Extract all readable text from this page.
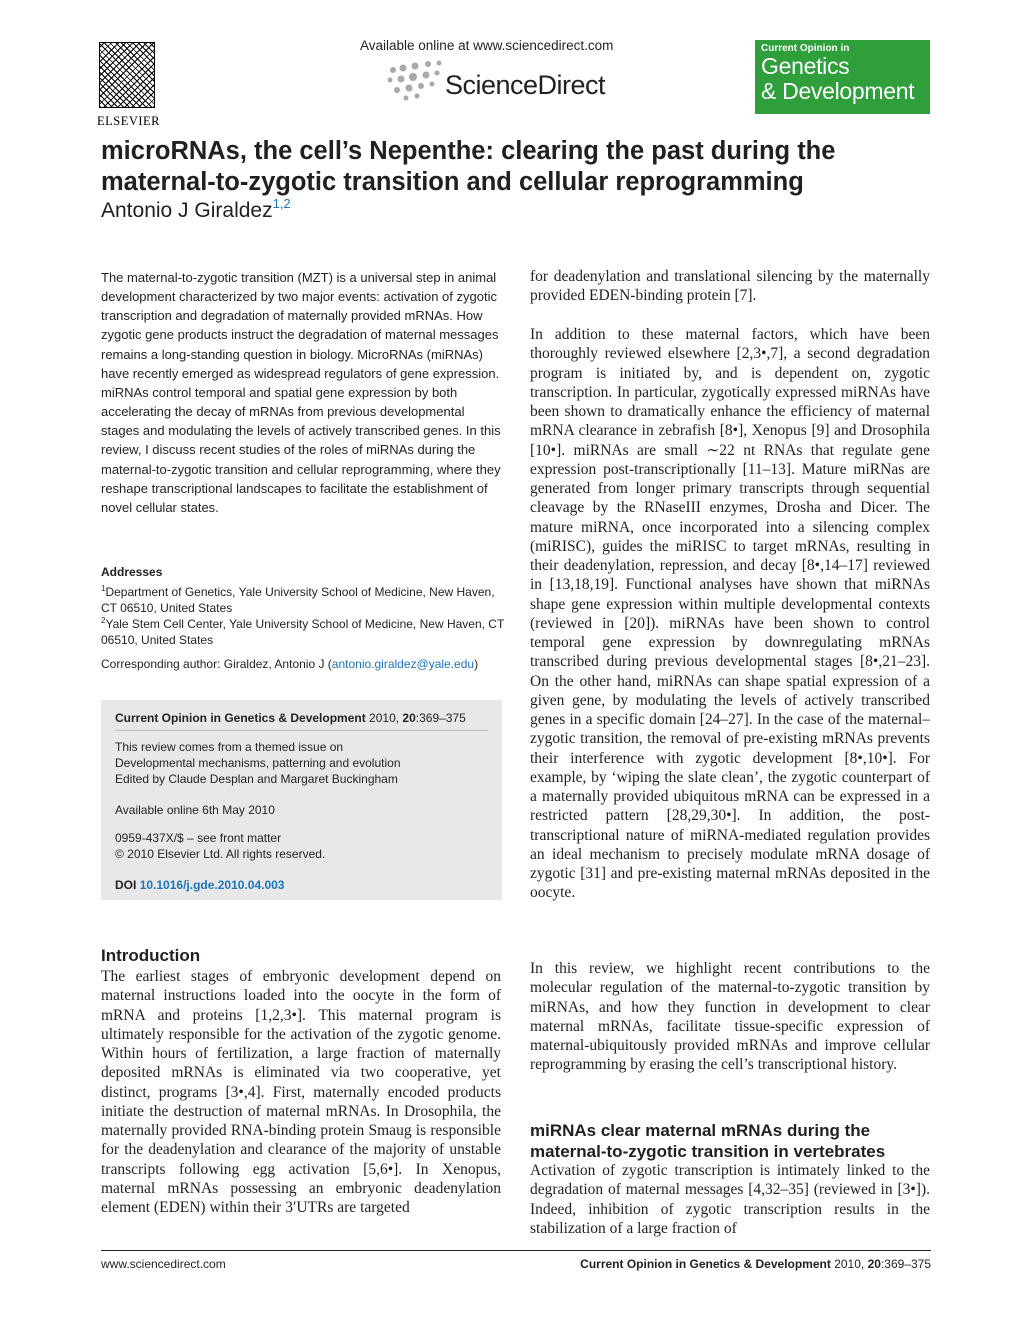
ELSEVIER
Available online at www.sciencedirect.com
ScienceDirect
Current Opinion in
Genetics
& Development
microRNAs, the cell’s Nepenthe: clearing the past during the maternal-to-zygotic transition and cellular reprogramming
Antonio J Giraldez$^{1,2}$

The maternal-to-zygotic transition (MZT) is a universal step in animal development characterized by two major events: activation of zygotic transcription and degradation of maternally provided mRNAs. How zygotic gene products instruct the degradation of maternal messages remains a long-standing question in biology. MicroRNAs (miRNAs) have recently emerged as widespread regulators of gene expression. miRNAs control temporal and spatial gene expression by both accelerating the decay of mRNAs from previous developmental stages and modulating the levels of actively transcribed genes. In this review, I discuss recent studies of the roles of miRNAs during the maternal-to-zygotic transition and cellular reprogramming, where they reshape transcriptional landscapes to facilitate the establishment of novel cellular states.

Addresses
$^1$Department of Genetics, Yale University School of Medicine, New Haven, CT 06510, United States
$^2$Yale Stem Cell Center, Yale University School of Medicine, New Haven, CT 06510, United States
Corresponding author: Giraldez, Antonio J (antonio.giraldez@yale.edu)
Current Opinion in Genetics & Development 2010, 20:369–375
This review comes from a themed issue on
Developmental mechanisms, patterning and evolution
Edited by Claude Desplan and Margaret Buckingham
Available online 6th May 2010
0959-437X/$ – see front matter
© 2010 Elsevier Ltd. All rights reserved.
DOI 10.1016/j.gde.2010.04.003
Introduction

The earliest stages of embryonic development depend on maternal instructions loaded into the oocyte in the form of mRNA and proteins [1,2,3•]. This maternal program is ultimately responsible for the activation of the zygotic genome. Within hours of fertilization, a large fraction of maternally deposited mRNAs is eliminated via two cooperative, yet distinct, programs [3•,4]. First, maternally encoded products initiate the destruction of maternal mRNAs. In Drosophila, the maternally provided RNA-binding protein Smaug is responsible for the deadenylation and clearance of the majority of unstable transcripts following egg activation [5,6•]. In Xenopus, maternal mRNAs possessing an embryonic deadenylation element (EDEN) within their 3′UTRs are targeted

for deadenylation and translational silencing by the maternally provided EDEN-binding protein [7].

In addition to these maternal factors, which have been thoroughly reviewed elsewhere [2,3•,7], a second degradation program is initiated by, and is dependent on, zygotic transcription. In particular, zygotically expressed miRNAs have been shown to dramatically enhance the efficiency of maternal mRNA clearance in zebrafish [8•], Xenopus [9] and Drosophila [10•]. miRNAs are small ∼22 nt RNAs that regulate gene expression post-transcriptionally [11–13]. Mature miRNas are generated from longer primary transcripts through sequential cleavage by the RNaseIII enzymes, Drosha and Dicer. The mature miRNA, once incorporated into a silencing complex (miRISC), guides the miRISC to target mRNAs, resulting in their deadenylation, repression, and decay [8•,14–17] reviewed in [13,18,19]. Functional analyses have shown that miRNAs shape gene expression within multiple developmental contexts (reviewed in [20]). miRNAs have been shown to control temporal gene expression by downregulating mRNAs transcribed during previous developmental stages [8•,21–23]. On the other hand, miRNAs can shape spatial expression of a given gene, by modulating the levels of actively transcribed genes in a specific domain [24–27]. In the case of the maternal–zygotic transition, the removal of pre-existing mRNAs prevents their interference with zygotic development [8•,10•]. For example, by ‘wiping the slate clean’, the zygotic counterpart of a maternally provided ubiquitous mRNA can be expressed in a restricted pattern [28,29,30•]. In addition, the post-transcriptional nature of miRNA-mediated regulation provides an ideal mechanism to precisely modulate mRNA dosage of zygotic [31] and pre-existing maternal mRNAs deposited in the oocyte.

In this review, we highlight recent contributions to the molecular regulation of the maternal-to-zygotic transition by miRNAs, and how they function in development to clear maternal mRNAs, facilitate tissue-specific expression of maternal-ubiquitously provided mRNAs and improve cellular reprogramming by erasing the cell’s transcriptional history.

miRNAs clear maternal mRNAs during the maternal-to-zygotic transition in vertebrates

Activation of zygotic transcription is intimately linked to the degradation of maternal messages [4,32–35] (reviewed in [3•]). Indeed, inhibition of zygotic transcription results in the stabilization of a large fraction of

www.sciencedirect.com	Current Opinion in Genetics & Development 2010, 20:369–375
